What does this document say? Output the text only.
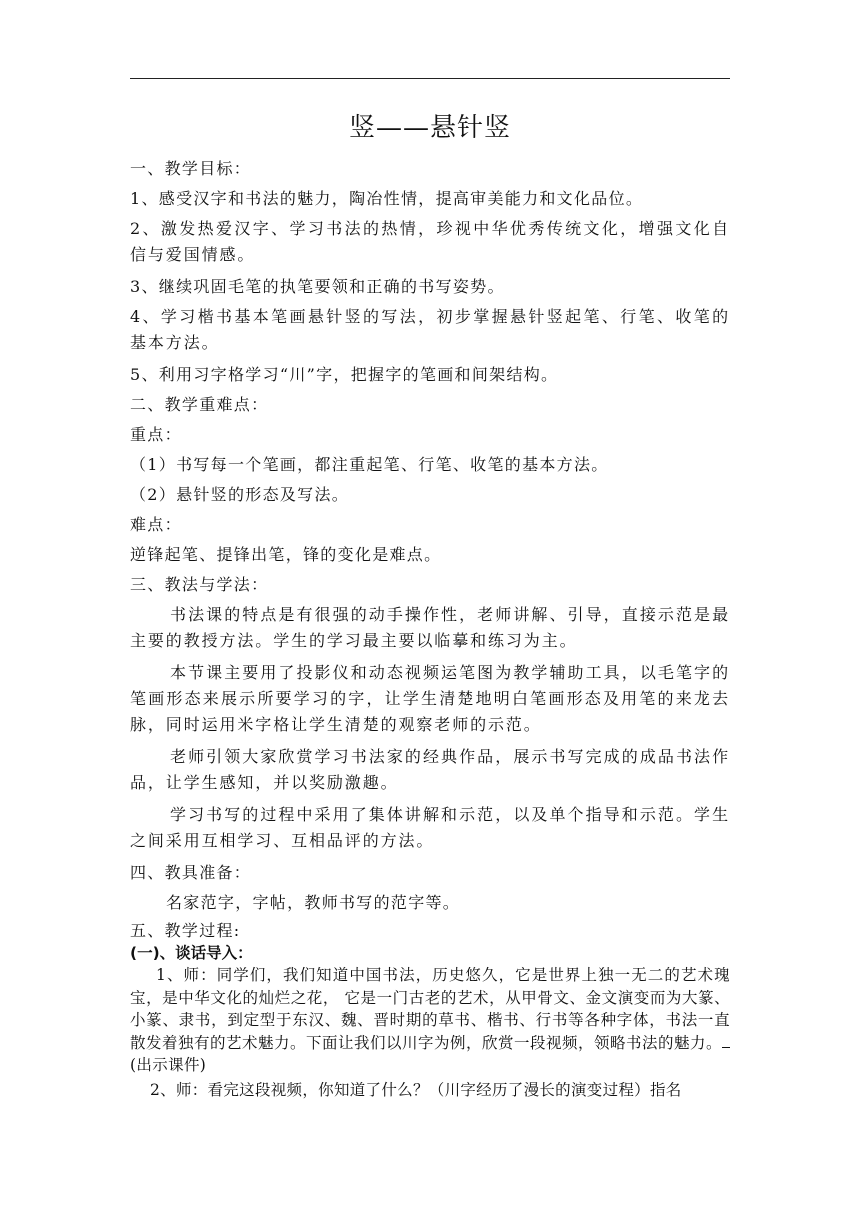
竖——悬针竖
一、教学目标：
1、感受汉字和书法的魅力，陶冶性情，提高审美能力和文化品位。
2、激发热爱汉字、学习书法的热情，珍视中华优秀传统文化，增强文化自信与爱国情感。
3、继续巩固毛笔的执笔要领和正确的书写姿势。
4、学习楷书基本笔画悬针竖的写法，初步掌握悬针竖起笔、行笔、收笔的基本方法。
5、利用习字格学习“川”字，把握字的笔画和间架结构。
二、教学重难点：
重点：
（1）书写每一个笔画，都注重起笔、行笔、收笔的基本方法。
（2）悬针竖的形态及写法。
难点：
逆锋起笔、提锋出笔，锋的变化是难点。
三、教法与学法：
书法课的特点是有很强的动手操作性，老师讲解、引导，直接示范是最主要的教授方法。学生的学习最主要以临摹和练习为主。
本节课主要用了投影仪和动态视频运笔图为教学辅助工具，以毛笔字的笔画形态来展示所要学习的字，让学生清楚地明白笔画形态及用笔的来龙去脉，同时运用米字格让学生清楚的观察老师的示范。
老师引领大家欣赏学习书法家的经典作品，展示书写完成的成品书法作品，让学生感知，并以奖励激趣。
学习书写的过程中采用了集体讲解和示范，以及单个指导和示范。学生之间采用互相学习、互相品评的方法。
四、教具准备：
名家范字，字帖，教师书写的范字等。
五、教学过程:
(一)、谈话导入：
1、师：同学们，我们知道中国书法，历史悠久，它是世界上独一无二的艺术瑰宝，是中华文化的灿烂之花， 它是一门古老的艺术，从甲骨文、金文演变而为大篆、小篆、隶书，到定型于东汉、魏、晋时期的草书、楷书、行书等各种字体，书法一直散发着独有的艺术魅力。下面让我们以川字为例，欣赏一段视频，领略书法的魅力。(出示课件)
2、师：看完这段视频，你知道了什么？（川字经历了漫长的演变过程）指名
